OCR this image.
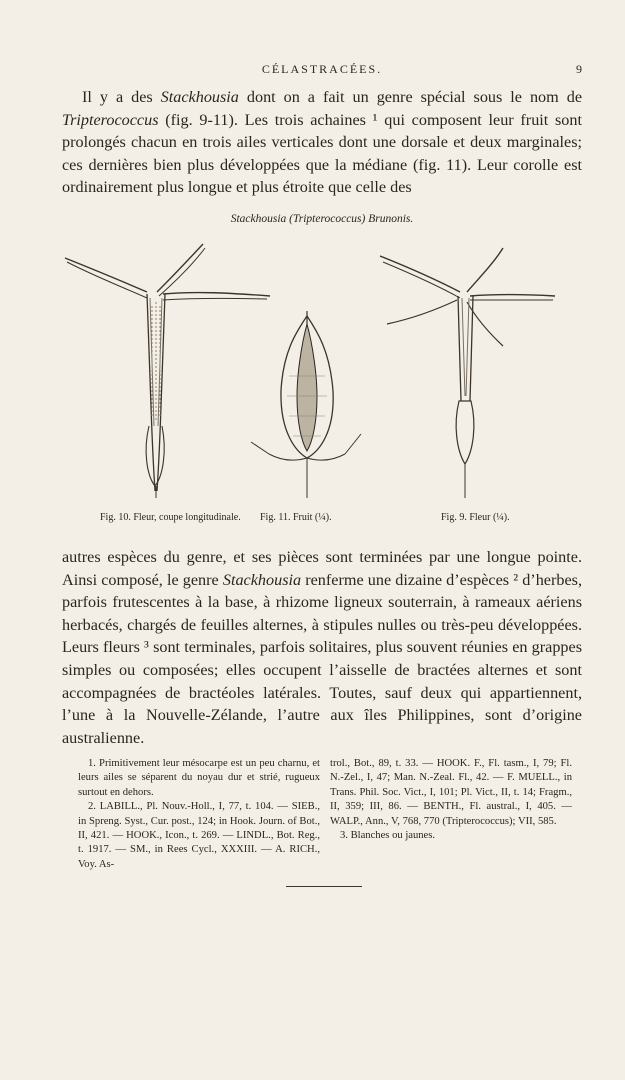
CÉLASTRACÉES.	9
Il y a des Stackhousia dont on a fait un genre spécial sous le nom de Tripterococcus (fig. 9-11). Les trois achaines ¹ qui composent leur fruit sont prolongés chacun en trois ailes verticales dont une dorsale et deux marginales; ces dernières bien plus développées que la médiane (fig. 11). Leur corolle est ordinairement plus longue et plus étroite que celle des
Stackhousia (Tripterococcus) Brunonis.
Fig. 10. Fleur, coupe longitudinale. Fig. 11. Fruit (¼).	Fig. 9. Fleur (¼).
autres espèces du genre, et ses pièces sont terminées par une longue pointe. Ainsi composé, le genre Stackhousia renferme une dizaine d’espèces ² d’herbes, parfois frutescentes à la base, à rhizome ligneux souterrain, à rameaux aériens herbacés, chargés de feuilles alternes, à stipules nulles ou très-peu développées. Leurs fleurs ³ sont terminales, parfois solitaires, plus souvent réunies en grappes simples ou composées; elles occupent l’aisselle de bractées alternes et sont accompagnées de bractéoles latérales. Toutes, sauf deux qui appartiennent, l’une à la Nouvelle-Zélande, l’autre aux îles Philippines, sont d’origine australienne.

1. Primitivement leur mésocarpe est un peu charnu, et leurs ailes se séparent du noyau dur et strié, rugueux surtout en dehors.

2. LABILL., Pl. Nouv.-Holl., I, 77, t. 104. — SIEB., in Spreng. Syst., Cur. post., 124; in Hook. Journ. of Bot., II, 421. — HOOK., Icon., t. 269. — LINDL., Bot. Reg., t. 1917. — SM., in Rees Cycl., XXXIII. — A. RICH., Voy. As-

trol., Bot., 89, t. 33. — HOOK. F., Fl. tasm., I, 79; Fl. N.-Zel., I, 47; Man. N.-Zeal. Fl., 42. — F. MUELL., in Trans. Phil. Soc. Vict., I, 101; Pl. Vict., II, t. 14; Fragm., II, 359; III, 86. — BENTH., Fl. austral., I, 405. — WALP., Ann., V, 768, 770 (Tripterococcus); VII, 585.

3. Blanches ou jaunes.
